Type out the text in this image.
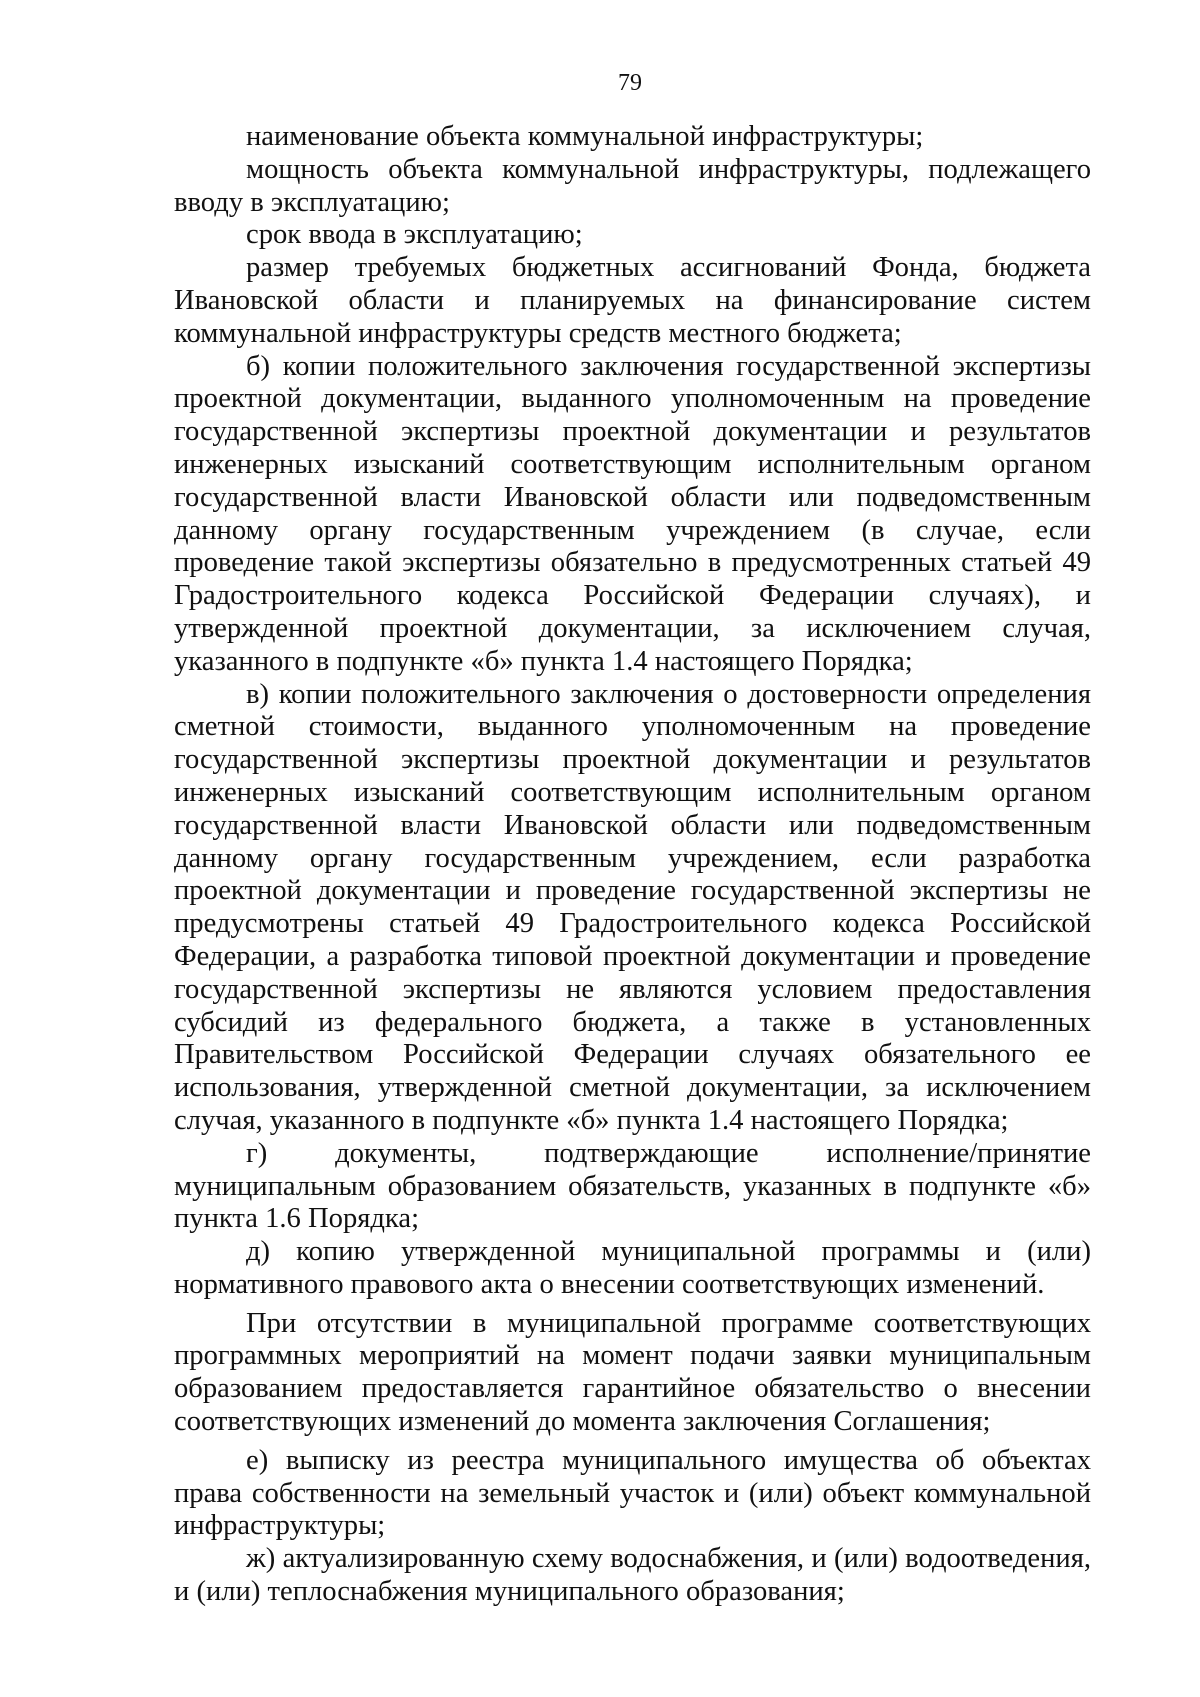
79

наименование объекта коммунальной инфраструктуры;

мощность объекта коммунальной инфраструктуры, подлежащего вводу в эксплуатацию;

срок ввода в эксплуатацию;

размер требуемых бюджетных ассигнований Фонда, бюджета Ивановской области и планируемых на финансирование систем коммунальной инфраструктуры средств местного бюджета;

б) копии положительного заключения государственной экспертизы проектной документации, выданного уполномоченным на проведение государственной экспертизы проектной документации и результатов инженерных изысканий соответствующим исполнительным органом государственной власти Ивановской области или подведомственным данному органу государственным учреждением (в случае, если проведение такой экспертизы обязательно в предусмотренных статьей 49 Градостроительного кодекса Российской Федерации случаях), и утвержденной проектной документации, за исключением случая, указанного в подпункте «б» пункта 1.4 настоящего Порядка;

в) копии положительного заключения о достоверности определения сметной стоимости, выданного уполномоченным на проведение государственной экспертизы проектной документации и результатов инженерных изысканий соответствующим исполнительным органом государственной власти Ивановской области или подведомственным данному органу государственным учреждением, если разработка проектной документации и проведение государственной экспертизы не предусмотрены статьей 49 Градостроительного кодекса Российской Федерации, а разработка типовой проектной документации и проведение государственной экспертизы не являются условием предоставления субсидий из федерального бюджета, а также в установленных Правительством Российской Федерации случаях обязательного ее использования, утвержденной сметной документации, за исключением случая, указанного в подпункте «б» пункта 1.4 настоящего Порядка;

г) документы, подтверждающие исполнение/принятие муниципальным образованием обязательств, указанных в подпункте «б» пункта 1.6 Порядка;

д) копию утвержденной муниципальной программы и (или) нормативного правового акта о внесении соответствующих изменений.

При отсутствии в муниципальной программе соответствующих программных мероприятий на момент подачи заявки муниципальным образованием предоставляется гарантийное обязательство о внесении соответствующих изменений до момента заключения Соглашения;

е) выписку из реестра муниципального имущества об объектах права собственности на земельный участок и (или) объект коммунальной инфраструктуры;

ж) актуализированную схему водоснабжения, и (или) водоотведения, и (или) теплоснабжения муниципального образования;
